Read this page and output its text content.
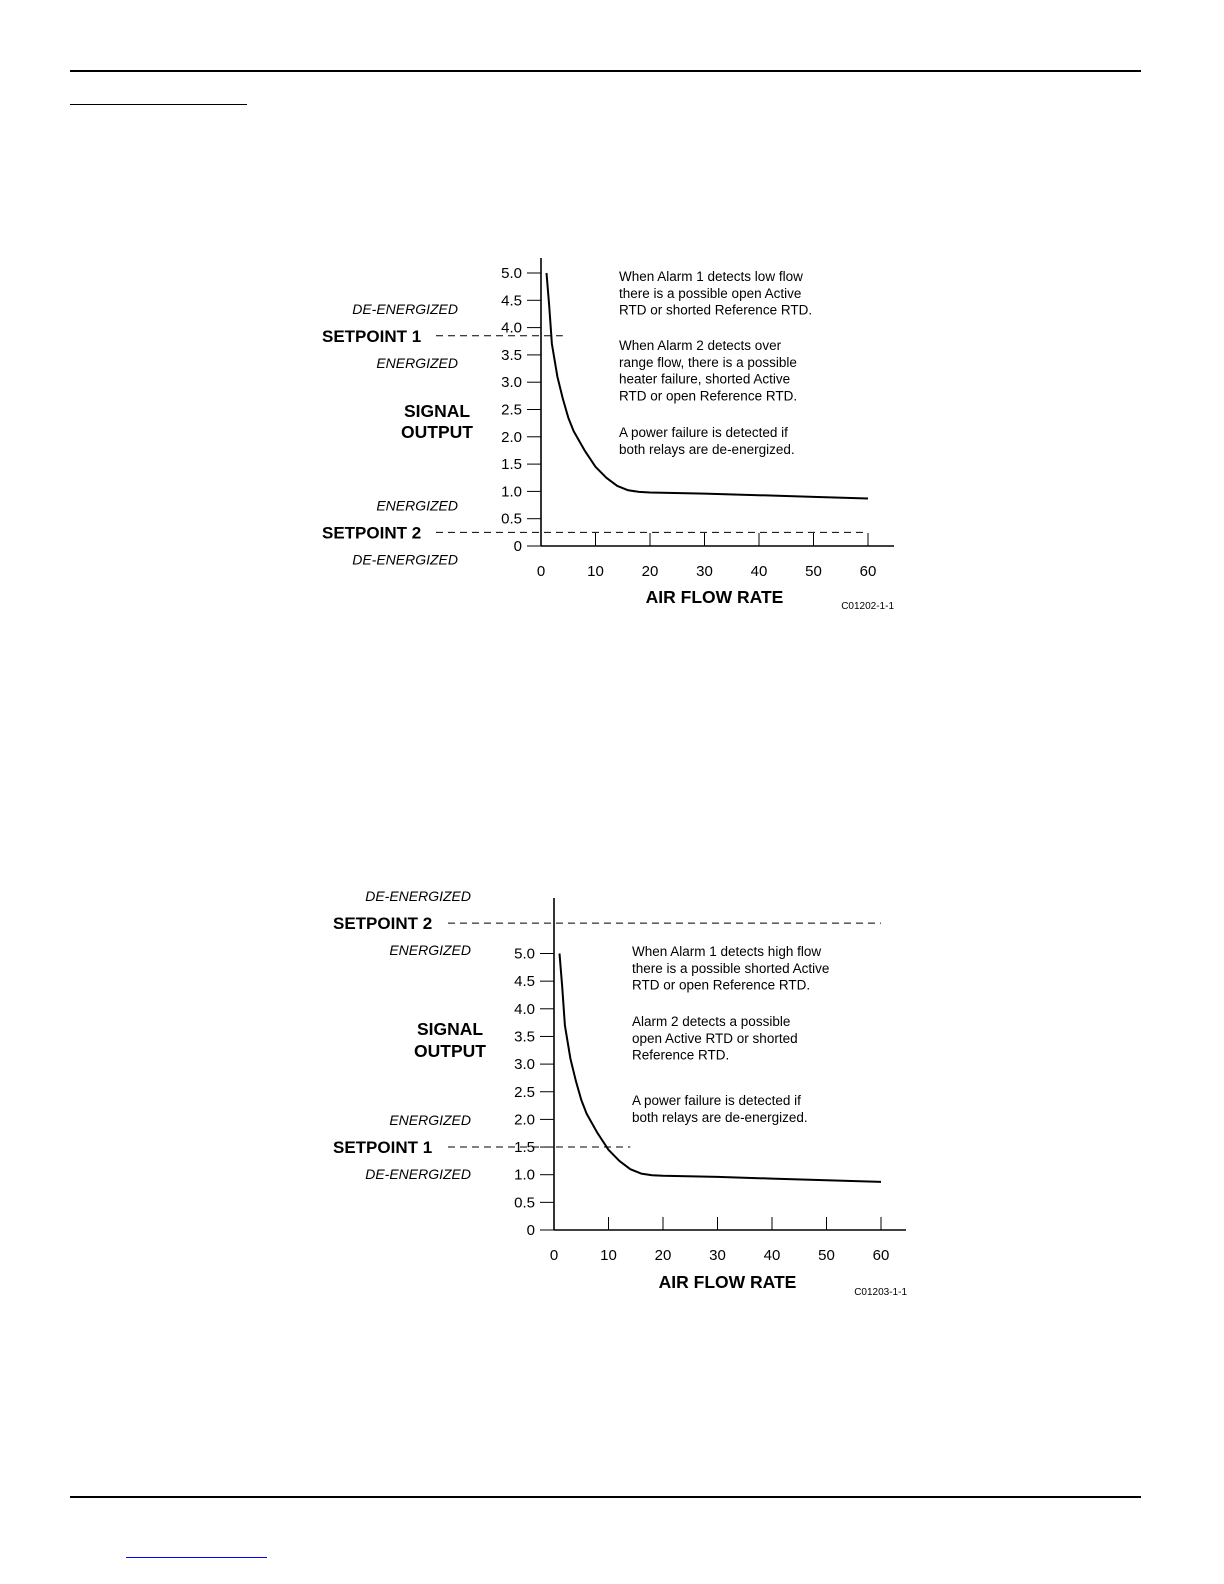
0
0.5
1.0
1.5
2.0
2.5
3.0
3.5
4.0
4.5
5.0
0	10	20	30	40	50	60
SETPOINT 1
DE-ENERGIZED
ENERGIZED
SETPOINT 2
ENERGIZED
DE-ENERGIZED
SIGNAL
OUTPUT
AIR FLOW RATE	C01202-1-1
When Alarm 1 detects low flow
there is a possible open Active
RTD or shorted Reference RTD.
When Alarm 2 detects over
range flow, there is a possible
heater failure, shorted Active
RTD or open Reference RTD.
A power failure is detected if
both relays are de-energized.
0
0.5
1.0
1.5
2.0
2.5
3.0
3.5
4.0
4.5
5.0
0	10	20	30	40	50	60
SETPOINT 2
DE-ENERGIZED
ENERGIZED
SETPOINT 1
ENERGIZED
DE-ENERGIZED
SIGNAL
OUTPUT
AIR FLOW RATE
C01203-1-1
When Alarm 1 detects high flow
there is a possible shorted Active
RTD or open Reference RTD.
Alarm 2 detects a possible
open Active RTD or shorted
Reference RTD.
A power failure is detected if
both relays are de-energized.
